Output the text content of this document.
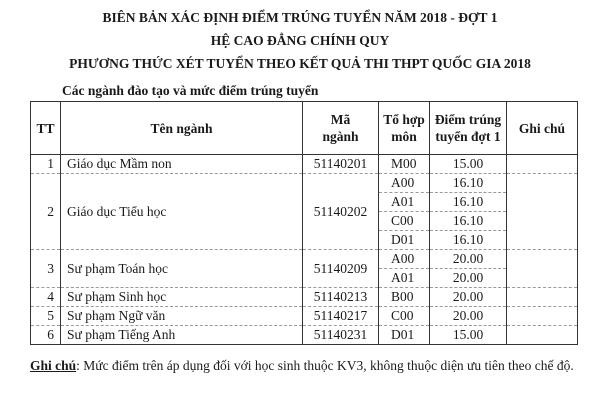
BIÊN BẢN XÁC ĐỊNH ĐIỂM TRÚNG TUYỂN NĂM 2018 - ĐỢT 1
HỆ CAO ĐẲNG CHÍNH QUY
PHƯƠNG THỨC XÉT TUYỂN THEO KẾT QUẢ THI THPT QUỐC GIA 2018
Các ngành đào tạo và mức điểm trúng tuyển
TT	Tên ngành	Mã ngành	Tổ hợp môn	Điểm trúng tuyển đợt 1	Ghi chú
1	Giáo dục Mầm non	51140201	M00	15.00	
2	Giáo dục Tiểu học	51140202	A00	16.10	
			A01	16.10	
			C00	16.10	
			D01	16.10	
3	Sư phạm Toán học	51140209	A00	20.00	
			A01	20.00	
4	Sư phạm Sinh học	51140213	B00	20.00	
5	Sư phạm Ngữ văn	51140217	C00	20.00	
6	Sư phạm Tiếng Anh	51140231	D01	15.00	
Ghi chú: Mức điểm trên áp dụng đối với học sinh thuộc KV3, không thuộc diện ưu tiên theo chế độ.
